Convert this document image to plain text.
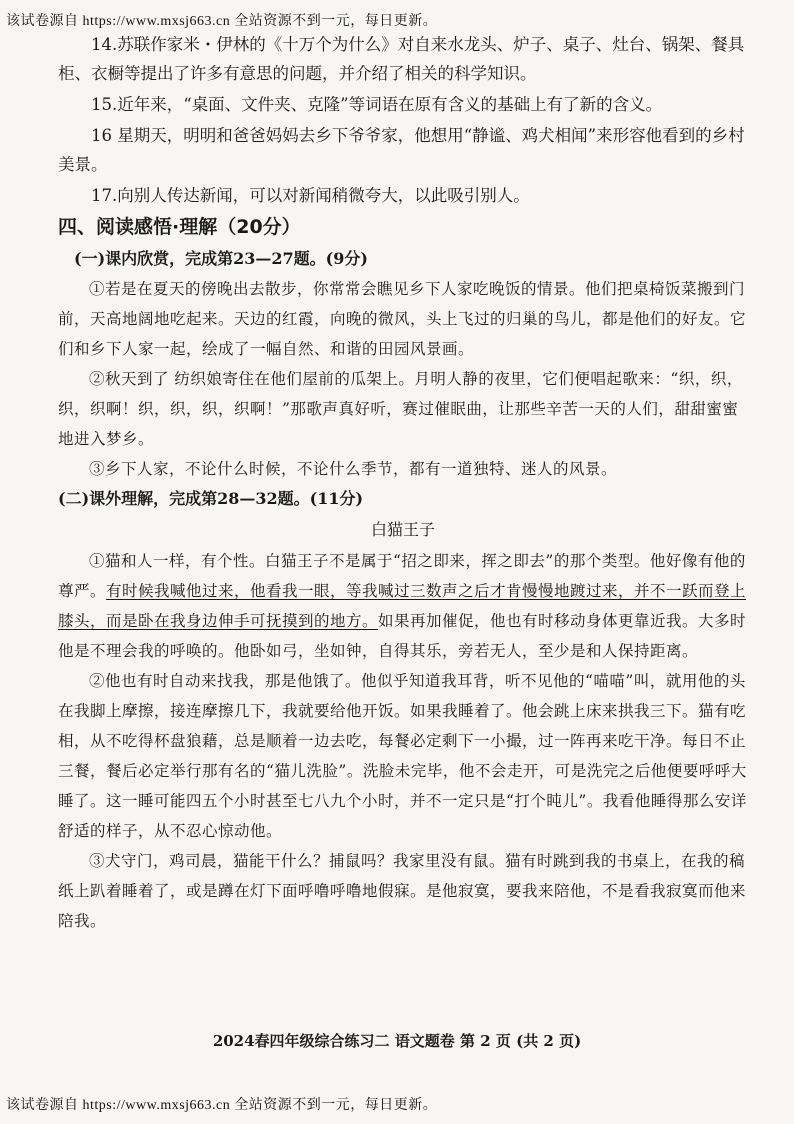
该试卷源自 https://www.mxsj663.cn 全站资源不到一元，每日更新。

14.苏联作家米・伊林的《十万个为什么》对自来水龙头、炉子、桌子、灶台、锅架、餐具柜、衣橱等提出了许多有意思的问题，并介绍了相关的科学知识。

15.近年来，“桌面、文件夹、克隆”等词语在原有含义的基础上有了新的含义。

16 星期天，明明和爸爸妈妈去乡下爷爷家，他想用“静谧、鸡犬相闻”来形容他看到的乡村美景。

17.向别人传达新闻，可以对新闻稍微夸大，以此吸引别人。

四、阅读感悟·理解（20分）

(一)课内欣赏，完成第23—27题。(9分)

①若是在夏天的傍晚出去散步，你常常会瞧见乡下人家吃晚饭的情景。他们把桌椅饭菜搬到门前，天高地阔地吃起来。天边的红霞，向晚的微风，头上飞过的归巢的鸟儿，都是他们的好友。它们和乡下人家一起，绘成了一幅自然、和谐的田园风景画。

②秋天到了 纺织娘寄住在他们屋前的瓜架上。月明人静的夜里，它们便唱起歌来：“织，织，织，织啊！织，织，织，织啊！”那歌声真好听，赛过催眠曲，让那些辛苦一天的人们，甜甜蜜蜜地进入梦乡。

③乡下人家，不论什么时候，不论什么季节，都有一道独特、迷人的风景。

(二)课外理解，完成第28—32题。(11分)

白猫王子

①猫和人一样，有个性。白猫王子不是属于“招之即来，挥之即去”的那个类型。他好像有他的尊严。有时候我喊他过来，他看我一眼，等我喊过三数声之后才肯慢慢地踱过来，并不一跃而登上膝头，而是卧在我身边伸手可抚摸到的地方。如果再加催促，他也有时移动身体更靠近我。大多时他是不理会我的呼唤的。他卧如弓，坐如钟，自得其乐，旁若无人，至少是和人保持距离。

②他也有时自动来找我，那是他饿了。他似乎知道我耳背，听不见他的“喵喵”叫，就用他的头在我脚上摩擦，接连摩擦几下，我就要给他开饭。如果我睡着了。他会跳上床来拱我三下。猫有吃相，从不吃得杯盘狼藉，总是顺着一边去吃，每餐必定剩下一小撮，过一阵再来吃干净。每日不止三餐，餐后必定举行那有名的“猫儿洗脸”。洗脸未完毕，他不会走开，可是洗完之后他便要呼呼大睡了。这一睡可能四五个小时甚至七八九个小时，并不一定只是“打个盹儿”。我看他睡得那么安详舒适的样子，从不忍心惊动他。

③犬守门，鸡司晨，猫能干什么？捕鼠吗？我家里没有鼠。猫有时跳到我的书桌上，在我的稿纸上趴着睡着了，或是蹲在灯下面呼噜呼噜地假寐。是他寂寞，要我来陪他，不是看我寂寞而他来陪我。

2024春四年级综合练习二 语文题卷 第 2 页 (共 2 页)
该试卷源自 https://www.mxsj663.cn 全站资源不到一元，每日更新。
